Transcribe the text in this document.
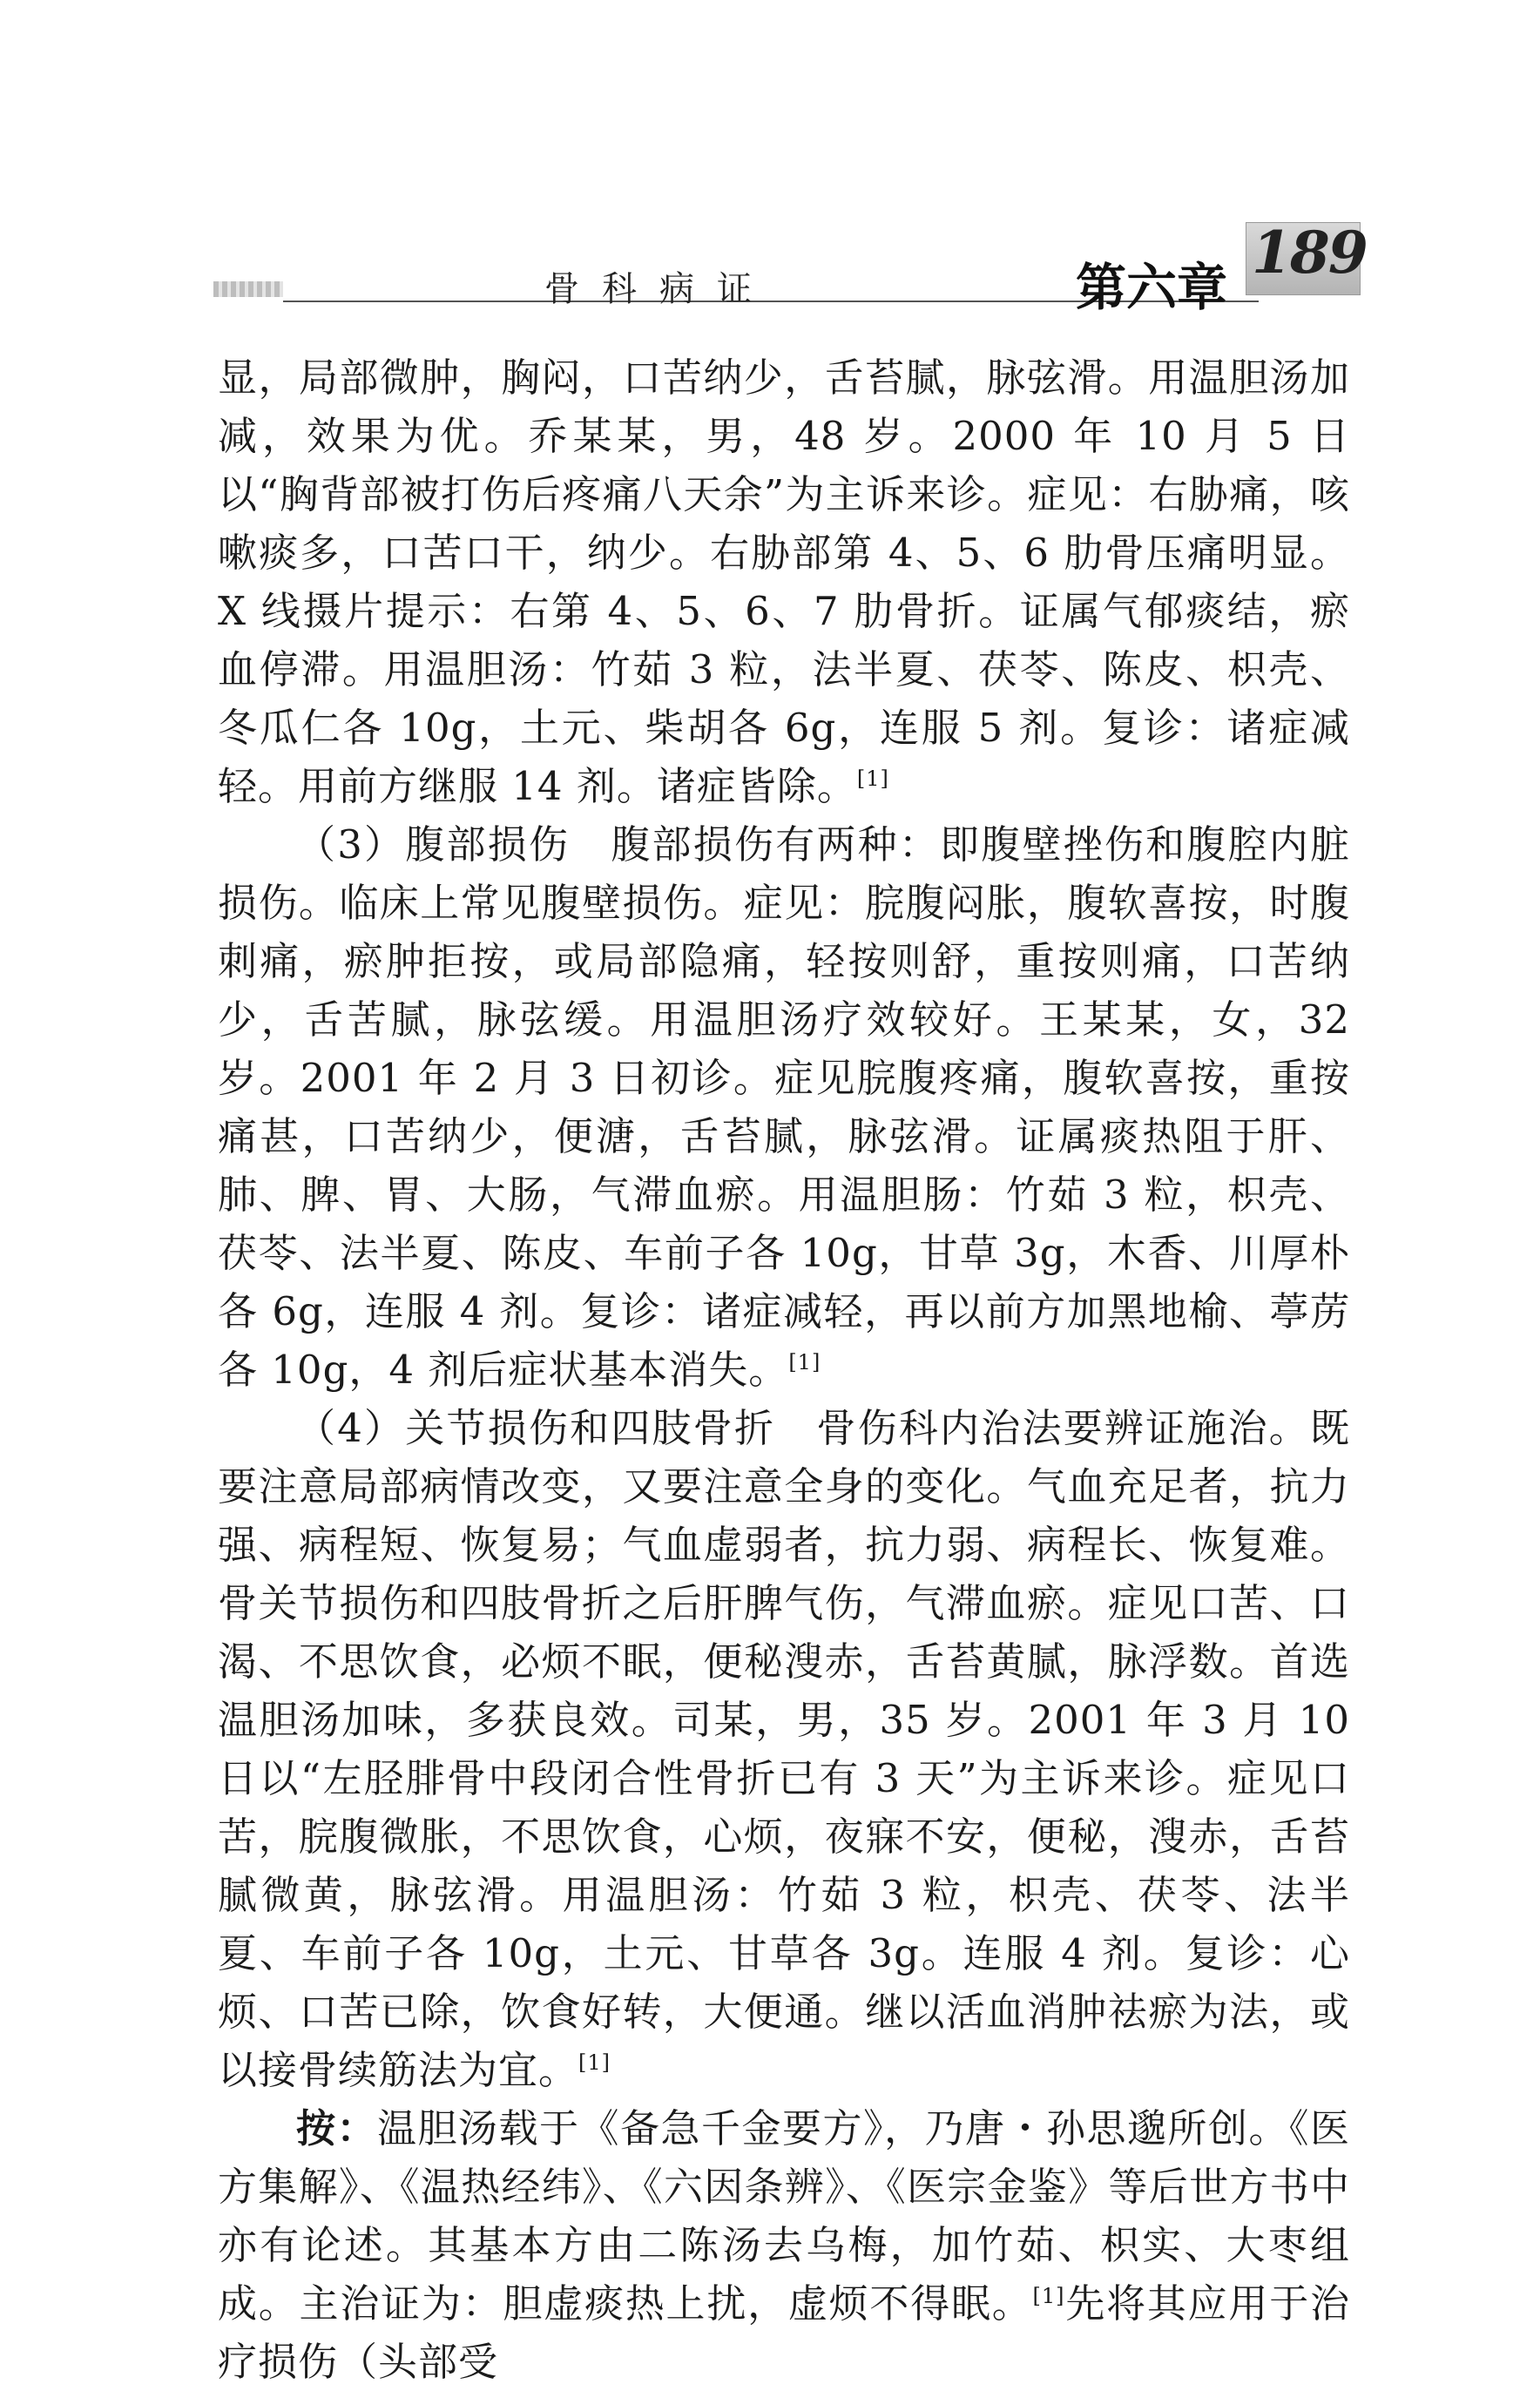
骨科病证	第六章
189

显，局部微肿，胸闷，口苦纳少，舌苔腻，脉弦滑。用温胆汤加减，效果为优。乔某某，男，48 岁。2000 年 10 月 5 日以“胸背部被打伤后疼痛八天余”为主诉来诊。症见：右胁痛，咳嗽痰多，口苦口干，纳少。右胁部第 4、5、6 肋骨压痛明显。X 线摄片提示：右第 4、5、6、7 肋骨折。证属气郁痰结，瘀血停滞。用温胆汤：竹茹 3 粒，法半夏、茯苓、陈皮、枳壳、冬瓜仁各 10g，土元、柴胡各 6g，连服 5 剂。复诊：诸症减轻。用前方继服 14 剂。诸症皆除。[1]

（3）腹部损伤　腹部损伤有两种：即腹壁挫伤和腹腔内脏损伤。临床上常见腹壁损伤。症见：脘腹闷胀，腹软喜按，时腹刺痛，瘀肿拒按，或局部隐痛，轻按则舒，重按则痛，口苦纳少，舌苦腻，脉弦缓。用温胆汤疗效较好。王某某，女，32 岁。2001 年 2 月 3 日初诊。症见脘腹疼痛，腹软喜按，重按痛甚，口苦纳少，便溏，舌苔腻，脉弦滑。证属痰热阻于肝、肺、脾、胃、大肠，气滞血瘀。用温胆肠：竹茹 3 粒，枳壳、茯苓、法半夏、陈皮、车前子各 10g，甘草 3g，木香、川厚朴各 6g，连服 4 剂。复诊：诸症减轻，再以前方加黑地榆、葶苈各 10g，4 剂后症状基本消失。[1]

（4）关节损伤和四肢骨折　骨伤科内治法要辨证施治。既要注意局部病情改变，又要注意全身的变化。气血充足者，抗力强、病程短、恢复易；气血虚弱者，抗力弱、病程长、恢复难。骨关节损伤和四肢骨折之后肝脾气伤，气滞血瘀。症见口苦、口渴、不思饮食，必烦不眠，便秘溲赤，舌苔黄腻，脉浮数。首选温胆汤加味，多获良效。司某，男，35 岁。2001 年 3 月 10 日以“左胫腓骨中段闭合性骨折已有 3 天”为主诉来诊。症见口苦，脘腹微胀，不思饮食，心烦，夜寐不安，便秘，溲赤，舌苔腻微黄，脉弦滑。用温胆汤：竹茹 3 粒，枳壳、茯苓、法半夏、车前子各 10g，土元、甘草各 3g。连服 4 剂。复诊：心烦、口苦已除，饮食好转，大便通。继以活血消肿祛瘀为法，或以接骨续筋法为宜。[1]

按：温胆汤载于《备急千金要方》，乃唐・孙思邈所创。《医方集解》、《温热经纬》、《六因条辨》、《医宗金鉴》等后世方书中亦有论述。其基本方由二陈汤去乌梅，加竹茹、枳实、大枣组成。主治证为：胆虚痰热上扰，虚烦不得眠。[1]先将其应用于治疗损伤（头部受
